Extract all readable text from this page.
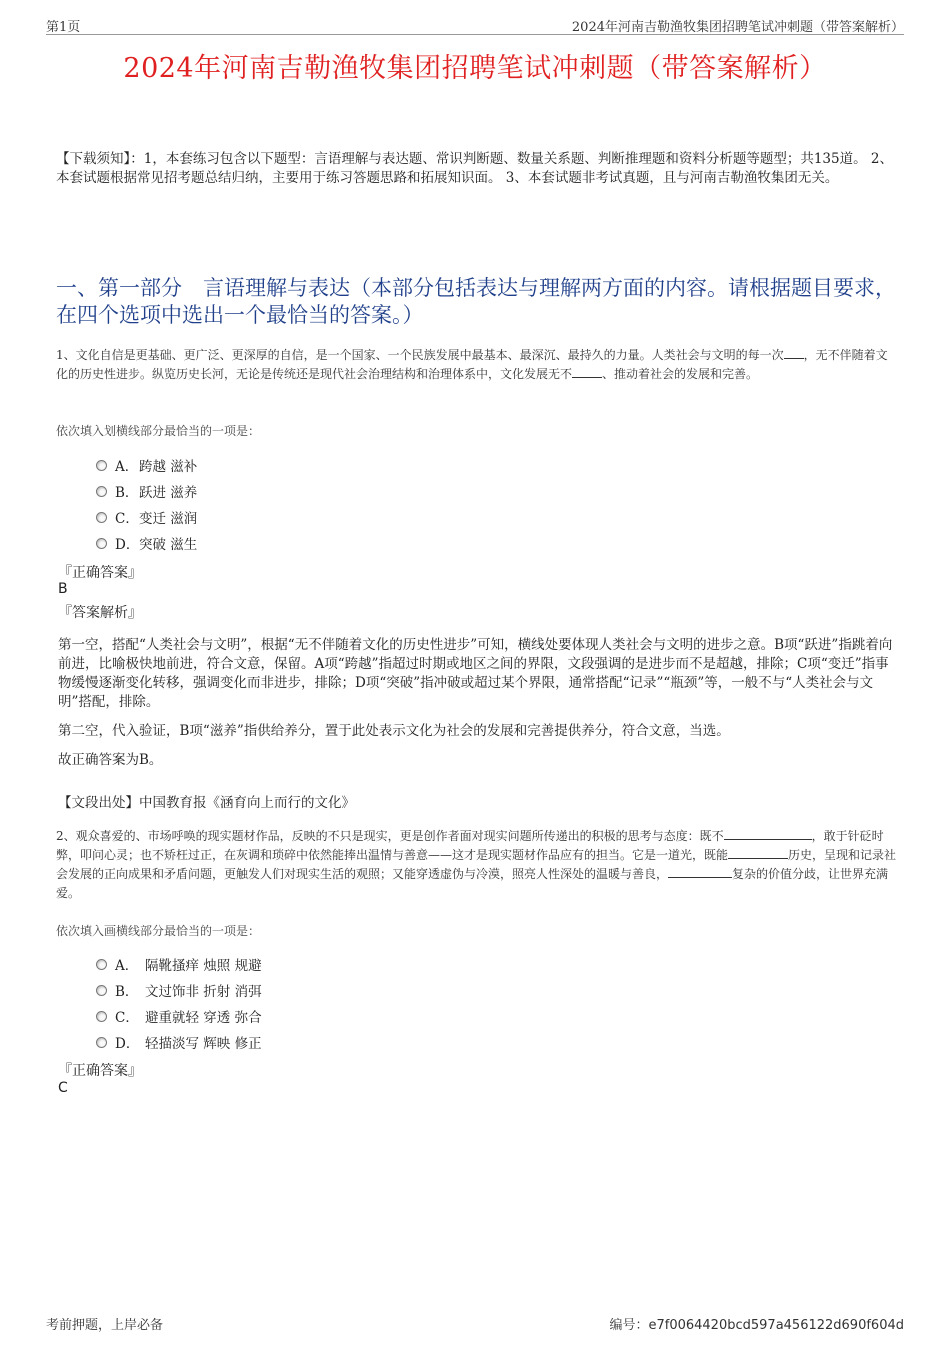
第1页	2024年河南吉勒渔牧集团招聘笔试冲刺题（带答案解析）
2024年河南吉勒渔牧集团招聘笔试冲刺题（带答案解析）
【下载须知】：1，本套练习包含以下题型：言语理解与表达题、常识判断题、数量关系题、判断推理题和资料分析题等题型；共135道。 2、本套试题根据常见招考题总结归纳，主要用于练习答题思路和拓展知识面。 3、本套试题非考试真题，且与河南吉勒渔牧集团无关。
一、第一部分　言语理解与表达（本部分包括表达与理解两方面的内容。请根据题目要求，在四个选项中选出一个最恰当的答案。）
1、文化自信是更基础、更广泛、更深厚的自信，是一个国家、一个民族发展中最基本、最深沉、最持久的力量。人类社会与文明的每一次 ，无不伴随着文化的历史性进步。纵览历史长河，无论是传统还是现代社会治理结构和治理体系中，文化发展无不	、推动着社会的发展和完善。
依次填入划横线部分最恰当的一项是：
A． 跨越 滋补
B． 跃进 滋养
C． 变迁 滋润
D． 突破 滋生
『正确答案』
B
『答案解析』

第一空，搭配“人类社会与文明”，根据“无不伴随着文化的历史性进步”可知，横线处要体现人类社会与文明的进步之意。B项“跃进”指跳着向前进，比喻极快地前进，符合文意，保留。A项“跨越”指超过时期或地区之间的界限，文段强调的是进步而不是超越，排除；C项“变迁”指事物缓慢逐渐变化转移，强调变化而非进步，排除；D项“突破”指冲破或超过某个界限，通常搭配“记录”“瓶颈”等，一般不与“人类社会与文明”搭配，排除。

第二空，代入验证，B项“滋养”指供给养分，置于此处表示文化为社会的发展和完善提供养分，符合文意，当选。

故正确答案为B。

【文段出处】中国教育报《涵育向上而行的文化》
2、观众喜爱的、市场呼唤的现实题材作品，反映的不只是现实，更是创作者面对现实问题所传递出的积极的思考与态度：既不	，敢于针砭时弊，叩问心灵；也不矫枉过正，在灰调和琐碎中依然能捧出温情与善意——这才是现实题材作品应有的担当。它是一道光，既能	历史，呈现和记录社会发展的正向成果和矛盾问题，更触发人们对现实生活的观照；又能穿透虚伪与冷漠，照亮人性深处的温暖与善良，	复杂的价值分歧，让世界充满爱。
依次填入画横线部分最恰当的一项是：
A． 隔靴搔痒 烛照 规避
B． 文过饰非 折射 消弭
C． 避重就轻 穿透 弥合
D． 轻描淡写 辉映 修正
『正确答案』
C
考前押题，上岸必备	编号：e7f0064420bcd597a456122d690f604d
